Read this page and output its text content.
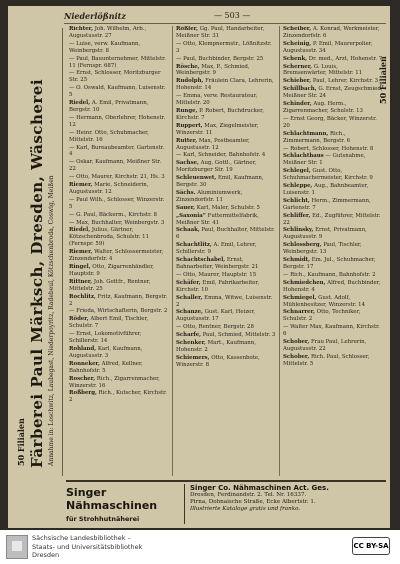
Niederlößnitz	— 503 —
50 Filialen Färberei Paul Märksch, Dresden, Wäscherei Annahme in: Loschwitz, Laubegast, Niederpoyritz, Radebeul, Kötzschenbroda, Coswig, Meißen
50 Filialen
Richter, Joh. Wilhelm, Arb., Augustusstr. 27
— Luise, verw. Kaufmann, Weinbergstr. 8
— Paul, Bauunternehmer, Mittelstr. 11 (Fernspr. 687)
— Ernst, Schlosser, Moritzburger Str. 25
— O. Oswald, Kaufmann, Luisenstr. 5
Riedel, A. Emil, Privatmann, Bergstr. 10
— Hermann, Oberlehrer, Hohenstr. 12
— Heinr. Otto, Schuhmacher, Mittelstr. 16
— Karl, Bureaubeamter, Gartenstr. 4
— Oskar, Kaufmann, Meißner Str. 22
— Otto, Maurer, Kirchstr. 21, Hs. 3
Riemer, Marie, Schneiderin, Augustusstr. 12
— Paul Wilh., Schlosser, Winzerstr. 5
— G. Paul, Bäckerm., Kirchstr. 8
— Max, Buchhalter, Weinbergstr. 3
Riedel, Julius, Gärtner, Kötzschenbroda, Schulstr. 11 (Fernspr. 59)
Riemer, Walter, Schlossermeister, Zinzendorfstr. 4
Ringel, Otto, Zigarrenhändler, Hauptstr. 9
Rittner, Joh. Gottfr., Rentner, Mittelstr. 25
Rochlitz, Fritz, Kaufmann, Bergstr. 2
— Frieda, Wirtschafterin, Bergstr. 2
Röder, Albert Emil, Tischler, Schulstr. 7
— Ernst, Lokomotivführer, Schillerstr. 14
Rohland, Karl, Kaufmann, Augustusstr. 3
Ronneker, Alfred, Kellner, Bahnhofstr. 5
Roscher, Rich., Zigarrenmacher, Winzerstr. 16
Roßberg, Rich., Kutscher, Kirchstr. 2
Rößler, Gg. Paul, Handarbeiter, Meißner Str. 31
— Otto, Klempnermstr., Lößnitzstr. 3
— Paul, Buchbinder, Bergstr. 25
Rösche, Max, P., Schmied, Weinbergstr. 9
Rudolph, Fräulein Clara, Lehrerin, Hohenstr. 14
— Emma, verw. Restaurateur, Mittelstr. 20
Runge, P. Robert, Buchdrucker, Kirchstr. 7
Ruppert, Max, Ziegelmeister, Winzerstr. 11
Rutter, Max, Postbeamter, Augustusstr. 12
— Karl, Schneider, Bahnhofstr. 4
Sachse, Aug. Gottl., Gärtner, Moritzburger Str. 19
Schleuenwet, Emil, Kaufmann, Bergstr. 30
Sächs. Aluminiumwerk, Zinzendorfstr. 11
Sauer, Karl, Maler, Schulstr. 5
„Saxonia“ Futtermittelfabrik, Meißner Str. 41
Schaak, Paul, Buchhalter, Mittelstr. 6
Schachtlitz, A. Emil, Lehrer, Schillerstr. 9
Schachtschabel, Ernst, Bahnarbeiter, Weinbergstr. 21
— Otto, Maurer, Hauptstr. 15
Schäfer, Emil, Fabrikarbeiter, Kirchstr. 10
Schaller, Emma, Witwe, Luisenstr. 2
Schanze, Gust. Karl, Heizer, Augustusstr. 17
— Otto, Rentner, Bergstr. 28
Scharfe, Paul, Schmied, Mittelstr. 3
Schenker, Mart., Kaufmann, Hohenstr. 2
Schiemers, Otto, Kassenbote, Winzerstr. 8
Scheiber, A. Konrad, Werkmeister, Zinzendorfstr. 6
Scheinig, P. Emil, Maurerpolier, Augustusstr. 34
Schenk, Dr. med., Arzt, Hohenstr. 7
Scherner, G. Louis, Bremsenwärter, Mittelstr. 11
Schieber, Paul, Lehrer, Kirchstr. 3
Schillbach, G. Ernst, Zeugschmied, Meißner Str. 24
Schinder, Aug. Herm., Zigarrenmacher, Schulstr. 13
— Ernst Georg, Bäcker, Winzerstr. 20
Schlachtmann, Rich., Zimmermann, Bergstr. 6
— Robert, Schlosser, Hohenstr. 8
Schlachthaus — Gutsnahme, Meißner Str. 1
Schlegel, Gust. Otto, Schuhmachermeister, Kirchstr. 9
Schleppe, Aug., Bahnbeamter, Luisenstr. 1
Schlicht, Herm., Zimmermann, Gartenstr. 7
Schliffer, Ed., Zugführer, Mittelstr. 22
Schlinsky, Ernst, Privatmann, Augustusstr. 9
Schlossberg, Paul, Tischler, Weinbergstr. 13
Schmidt, Em. Jul., Schuhmacher, Bergstr. 17
— Rich., Kaufmann, Bahnhofstr. 2
Schmiedchen, Alfred, Buchbinder, Hohenstr. 4
Schmiegel, Gust. Adolf, Mühlenbesitzer, Winzerstr. 14
Schnarrer, Otto, Techniker, Schulstr. 2
— Walter Max, Kaufmann, Kirchstr. 6
Schober, Frau Paul, Lehrerin, Augustusstr. 22
Schober, Rich. Paul, Schlosser, Mittelstr. 5
Singer Nähmaschinen
für Strohhutnäherei
Singer Co. Nähmaschinen Act. Ges.
Dresden, Ferdinandstr. 2. Tel. Nr. 16337.
Pirna, Dohnaische Straße, Ecke Albertstr. 1.
Illustrierte Kataloge gratis und franko.
Sächsische Landesbibliothek –
Staats- und Universitätsbibliothek
Dresden
CC BY-SA
